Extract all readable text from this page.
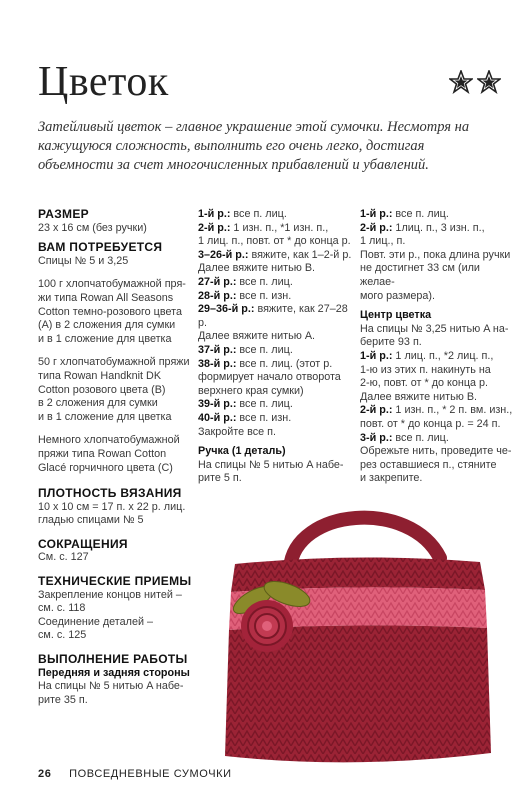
Цветок

Затейливый цветок – главное украшение этой сумочки. Несмотря на кажущуюся сложность, выполнить его очень легко, достигая объемности за счет многочисленных прибавлений и убавлений.

РАЗМЕР

23 х 16 см (без ручки)

ВАМ ПОТРЕБУЕТСЯ

Спицы № 5 и 3,25

100 г хлопчатобумажной пря-

жи типа Rowan All Seasons

Cotton темно-розового цвета

(A) в 2 сложения для сумки

и в 1 сложение для цветка

50 г хлопчатобумажной пряжи

типа Rowan Handknit DK

Cotton розового цвета (B)

в 2 сложения для сумки

и в 1 сложение для цветка

Немного хлопчатобумажной

пряжи типа Rowan Cotton

Glacé горчичного цвета (C)

ПЛОТНОСТЬ ВЯЗАНИЯ

10 х 10 см = 17 п. х 22 р. лиц.

гладью спицами № 5

СОКРАЩЕНИЯ

См. с. 127

ТЕХНИЧЕСКИЕ ПРИЕМЫ

Закрепление концов нитей –

см. с. 118

Соединение деталей –

см. с. 125

ВЫПОЛНЕНИЕ РАБОТЫ

Передняя и задняя стороны

На спицы № 5 нитью A набе-

рите 35 п.

1-й р.: все п. лиц.

2-й р.: 1 изн. п., *1 изн. п.,

1 лиц. п., повт. от * до конца р.

3–26-й р.: вяжите, как 1–2-й р.

Далее вяжите нитью B.

27-й р.: все п. лиц.

28-й р.: все п. изн.

29–36-й р.: вяжите, как 27–28 р.

Далее вяжите нитью A.

37-й р.: все п. лиц.

38-й р.: все п. лиц. (этот р.

формирует начало отворота

верхнего края сумки)

39-й р.: все п. лиц.

40-й р.: все п. изн.

Закройте все п.

Ручка (1 деталь)

На спицы № 5 нитью A набе-

рите 5 п.

1-й р.: все п. лиц.

2-й р.: 1лиц. п., 3 изн. п.,

1 лиц., п.

Повт. эти р., пока длина ручки

не достигнет 33 см (или желае-

мого размера).

Центр цветка

На спицы № 3,25 нитью A на-

берите 93 п.

1-й р.: 1 лиц. п., *2 лиц. п.,

1-ю из этих п. накинуть на

2-ю, повт. от * до конца р.

Далее вяжите нитью B.

2-й р.: 1 изн. п., * 2 п. вм. изн.,

повт. от * до конца р. = 24 п.

3-й р.: все п. лиц.

Обрежьте нить, проведите че-

рез оставшиеся п., стяните

и закрепите.

26 ПОВСЕДНЕВНЫЕ СУМОЧКИ
